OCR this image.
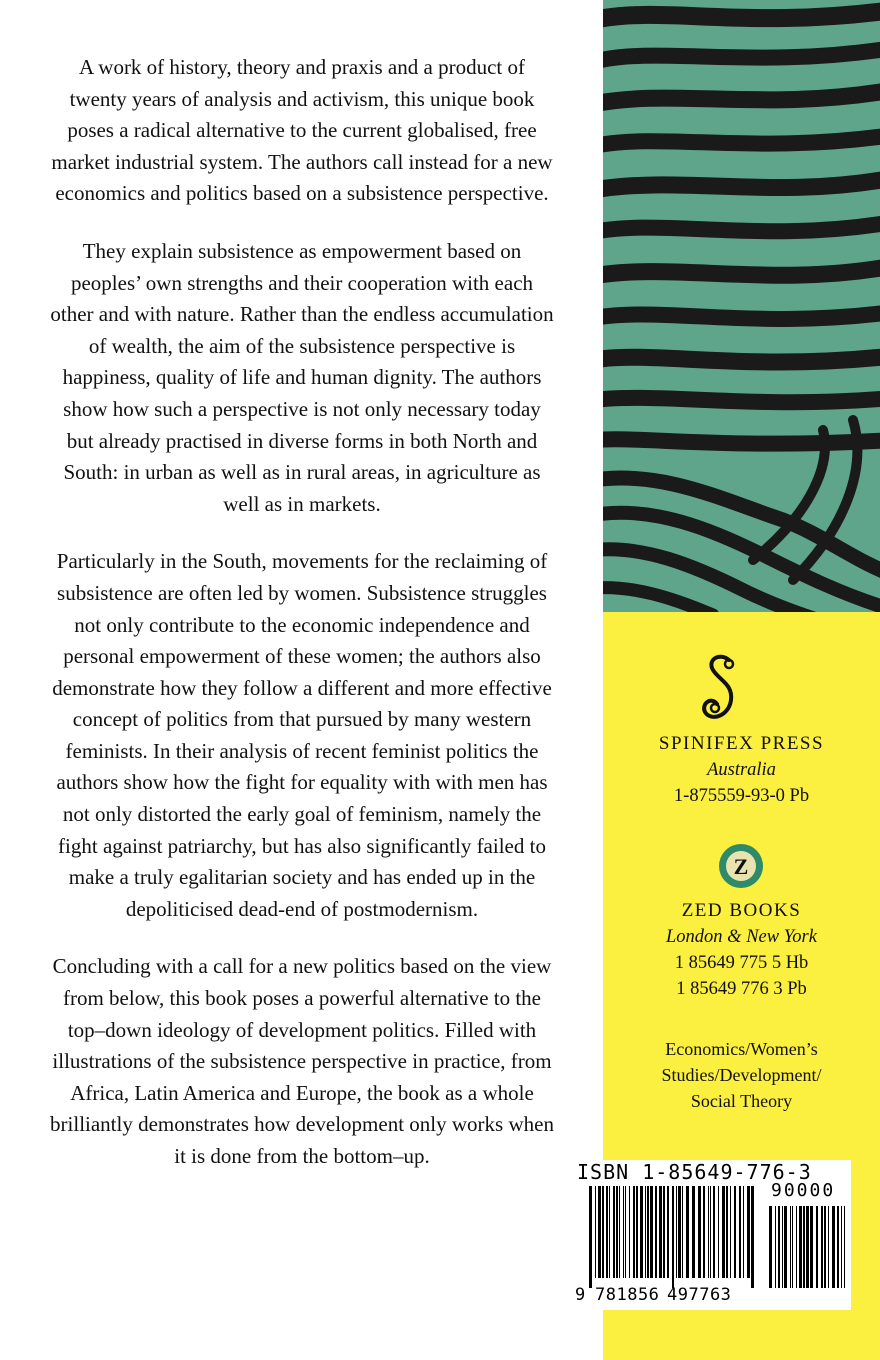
A work of history, theory and praxis and a product of twenty years of analysis and activism, this unique book poses a radical alternative to the current globalised, free market industrial system. The authors call instead for a new economics and politics based on a subsistence perspective.

They explain subsistence as empowerment based on peoples’ own strengths and their cooperation with each other and with nature. Rather than the endless accumulation of wealth, the aim of the subsistence perspective is happiness, quality of life and human dignity. The authors show how such a perspective is not only necessary today but already practised in diverse forms in both North and South: in urban as well as in rural areas, in agriculture as well as in markets.

Particularly in the South, movements for the reclaiming of subsistence are often led by women. Subsistence struggles not only contribute to the economic independence and personal empowerment of these women; the authors also demonstrate how they follow a different and more effective concept of politics from that pursued by many western feminists. In their analysis of recent feminist politics the authors show how the fight for equality with with men has not only distorted the early goal of feminism, namely the fight against patriarchy, but has also significantly failed to make a truly egalitarian society and has ended up in the depoliticised dead-end of postmodernism.

Concluding with a call for a new politics based on the view from below, this book poses a powerful alternative to the top–down ideology of development politics. Filled with illustrations of the subsistence perspective in practice, from Africa, Latin America and Europe, the book as a whole brilliantly demonstrates how development only works when it is done from the bottom–up.

SPINIFEX PRESS
Australia
1-875559-93-0 Pb
Z
ZED BOOKS
London & New York
1 85649 775 5 Hb
1 85649 776 3 Pb
Economics/Women’s
Studies/Development/
Social Theory
ISBN 1-85649-776-3
90000
9 781856 497763
